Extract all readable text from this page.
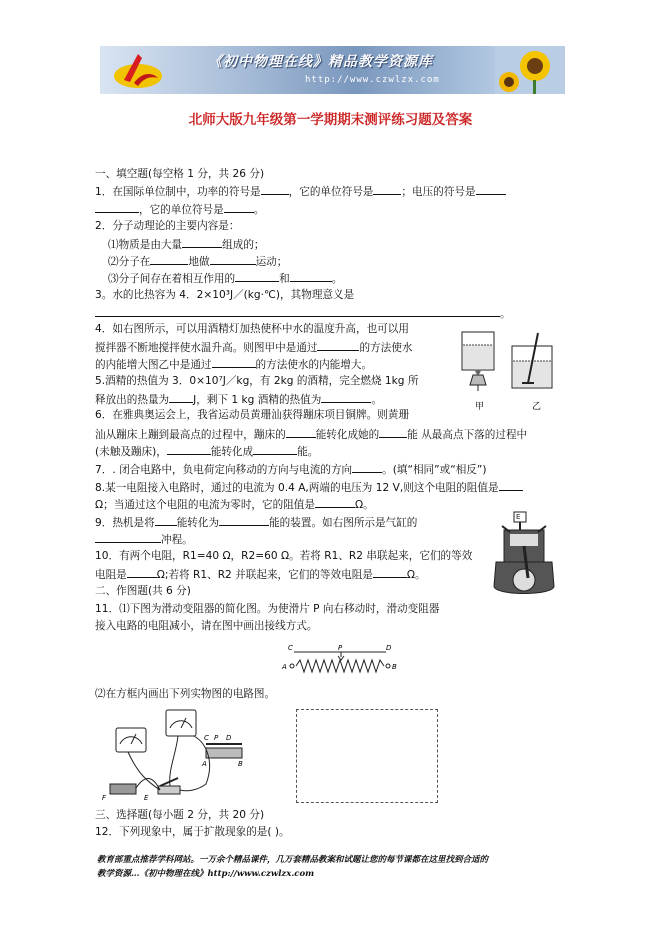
《初中物理在线》精品教学资源库
http://www.czwlzx.com
北师大版九年级第一学期期末测评练习题及答案
一、填空题(每空格 1 分，共 26 分)
1．在国际单位制中，功率的符号是	，它的单位符号是	；电压的符号是
，它的单位符号是	。
2．分子动理论的主要内容是：
⑴物质是由大量	组成的；
⑵分子在	地做	运动；
⑶分子间存在着相互作用的	和	。
3。水的比热容为 4．2×10³J／(kg·℃)，其物理意义是
。
4．如右图所示，可以用酒精灯加热使杯中水的温度升高，也可以用
搅拌器不断地搅拌使水温升高。则图甲中是通过	的方法使水
的内能增大图乙中是通过	的方法使水的内能增大。
甲	乙
5.酒精的热值为 3．0×10⁷J／kg，有 2kg 的酒精，完全燃烧 1kg 所
释放出的热量为 J，剩下 1 kg 酒精的热值为	。
6．在雅典奥运会上，我省运动员黄珊汕获得蹦床项目铜牌。则黄珊
汕从蹦床上蹦到最高点的过程中，蹦床的	能转化成她的	能 从最高点下落的过程中
(未触及蹦床)，	能转化成	能。
7．. 闭合电路中，负电荷定向移动的方向与电流的方向	。(填“相同”或“相反”)
8.某一电阻接入电路时，通过的电流为 0.4 A,两端的电压为 12 V,则这个电阻的阻值是
Ω；当通过这个电阻的电流为零时，它的阻值是	Ω。
9．热机是将 能转化为	能的装置。如右图所示是气缸的
冲程。
E
10．有两个电阻，R1=40 Ω，R2=60 Ω。若将 R1、R2 串联起来，它们的等效
电阻是	Ω;若将 R1、R2 并联起来，它们的等效电阻是	Ω。
二、作图题(共 6 分)
11．⑴下图为滑动变阻器的简化图。为使滑片 P 向右移动时，滑动变阻器
接入电路的电阻减小，请在图中画出接线方式。
C	P	D
A	B
⑵在方框内画出下列实物图的电路图。
P
C D
A	B
F	E
三、选择题(每小题 2 分，共 20 分)
12．下列现象中，属于扩散现象的是( )。
教育部重点推荐学科网站。一万余个精品课件，几万套精品教案和试题让您的每节课都在这里找到合适的
教学资源…《初中物理在线》http://www.czwlzx.com
